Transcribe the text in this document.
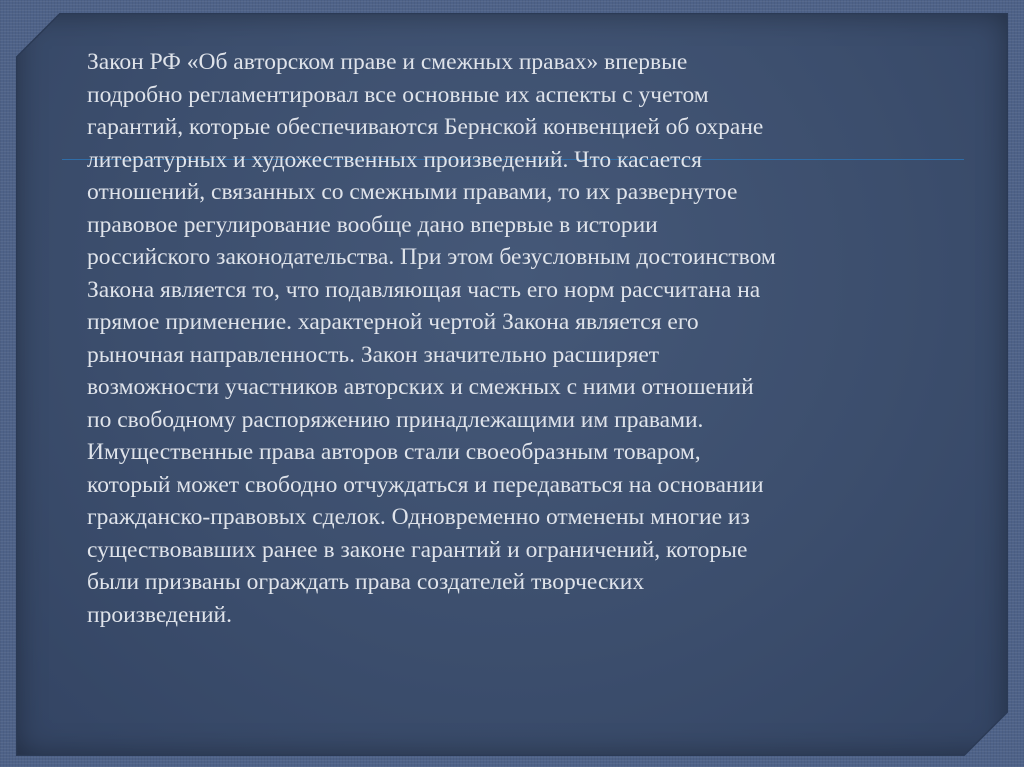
Закон РФ «Об авторском праве и смежных правах» впервые
подробно регламентировал все основные их аспекты с учетом
гарантий, которые обеспечиваются Бернской конвенцией об охране
литературных и художественных произведений. Что касается
отношений, связанных со смежными правами, то их развернутое
правовое регулирование вообще дано впервые в истории
российского законодательства. При этом безусловным достоинством
Закона является то, что подавляющая часть его норм рассчитана на
прямое применение. характерной чертой Закона является его
рыночная направленность. Закон значительно расширяет
возможности участников авторских и смежных с ними отношений
по свободному распоряжению принадлежащими им правами.
Имущественные права авторов стали своеобразным товаром,
который может свободно отчуждаться и передаваться на основании
гражданско-правовых сделок. Одновременно отменены многие из
существовавших ранее в законе гарантий и ограничений, которые
были призваны ограждать права создателей творческих
произведений.
